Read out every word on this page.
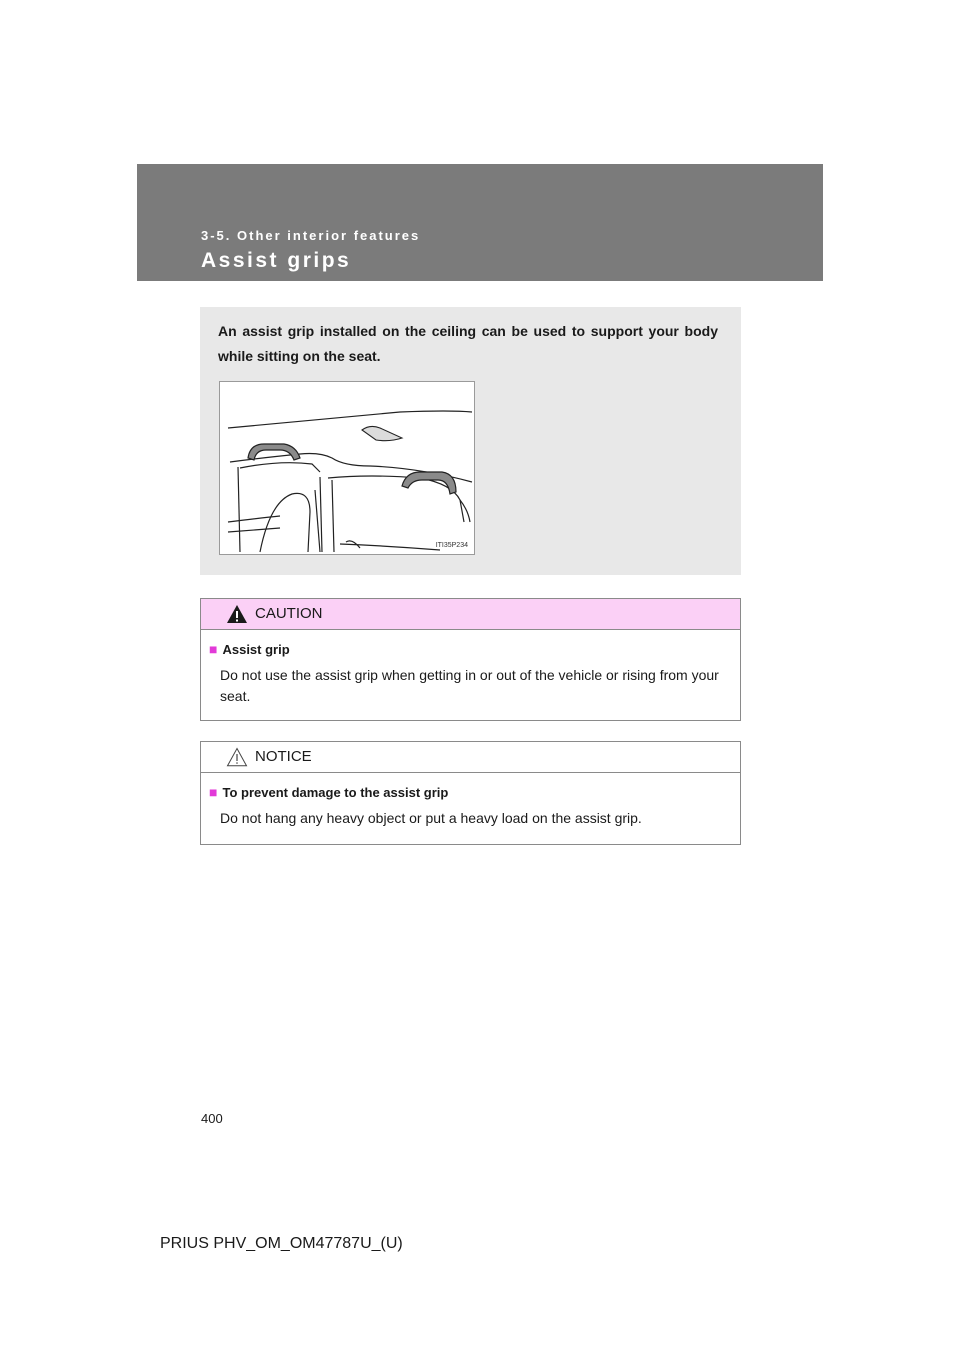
3-5. Other interior features
Assist grips
An assist grip installed on the ceiling can be used to support your body while sitting on the seat.
ITI35P234
CAUTION
■ Assist grip
Do not use the assist grip when getting in or out of the vehicle or rising from your seat.
NOTICE
■ To prevent damage to the assist grip
Do not hang any heavy object or put a heavy load on the assist grip.
400
PRIUS PHV_OM_OM47787U_(U)
